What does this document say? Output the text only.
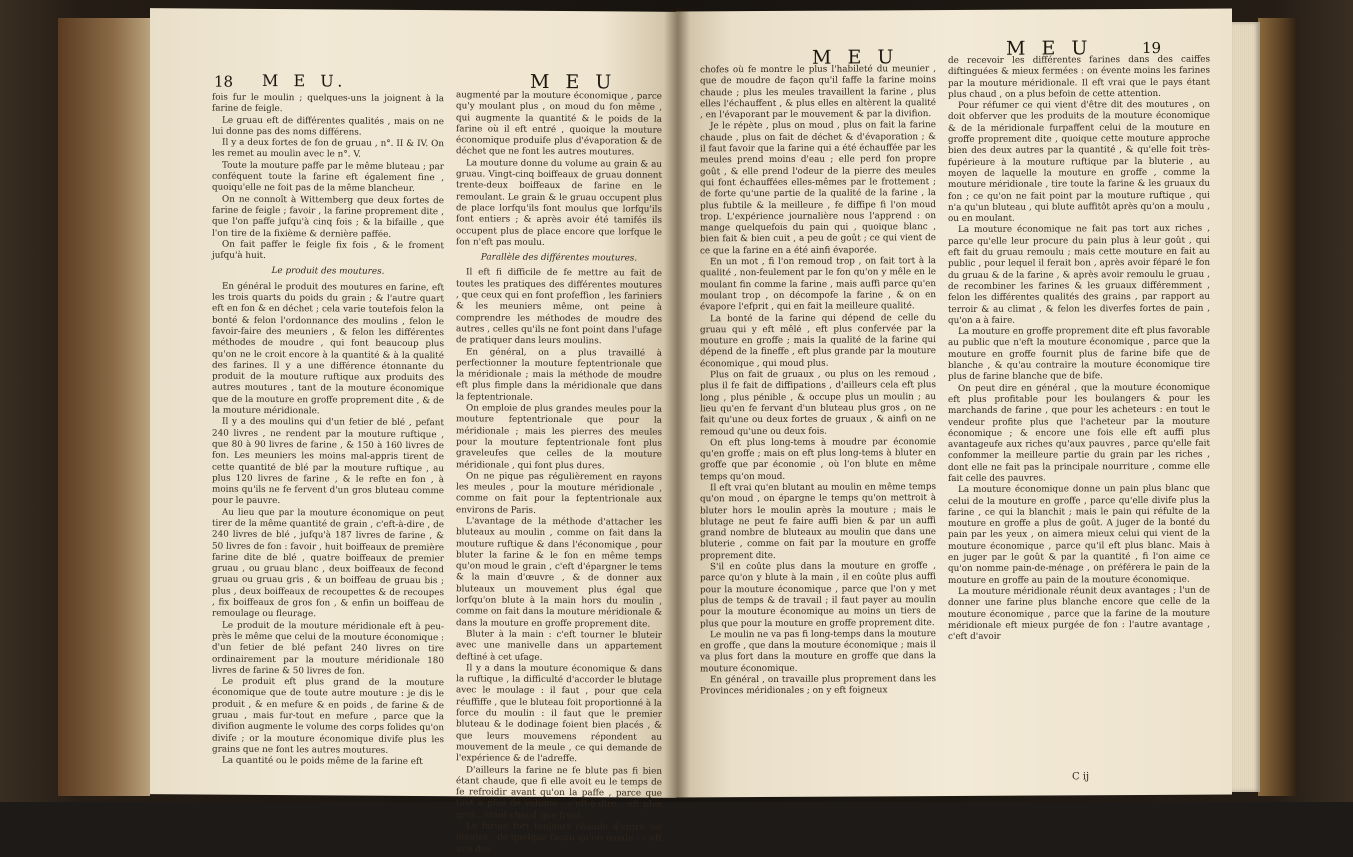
18 M E U.	M E U

fois fur le moulin ; quelques-uns la joignent à la farine de feigle.

Le gruau eft de différentes qualités , mais on ne lui donne pas des noms différens.

Il y a deux fortes de fon de gruau , n°. II & IV. On les remet au moulin avec le n°. V.

Toute la mouture paffe par le même bluteau ; par conféquent toute la farine eft également fine , quoiqu'elle ne foit pas de la même blancheur.

On ne connoît à Wittemberg que deux fortes de farine de feigle ; favoir , la farine proprement dite , que l'on paffe jufqu'à cinq fois ; & la bifaille , que l'on tire de la fixième & dernière paffée.

On fait paffer le feigle fix fois , & le froment jufqu'à huit.

Le produit des moutures.

En général le produit des moutures en farine, eft les trois quarts du poids du grain ; & l'autre quart eft en fon & en déchet ; cela varie toutefois felon la bonté & felon l'ordonnance des moulins , felon le favoir-faire des meuniers , & felon les différentes méthodes de moudre , qui font beaucoup plus qu'on ne le croit encore à la quantité & à la qualité des farines. Il y a une différence étonnante du produit de la mouture ruftique aux produits des autres moutures , tant de la mouture économique que de la mouture en groffe proprement dite , & de la mouture méridionale.

Il y a des moulins qui d'un fetier de blé , pefant 240 livres , ne rendent par la mouture ruftique , que 80 à 90 livres de farine , & 150 à 160 livres de fon. Les meuniers les moins mal-appris tirent de cette quantité de blé par la mouture ruftique , au plus 120 livres de farine , & le refte en fon , à moins qu'ils ne fe fervent d'un gros bluteau comme pour le pauvre.

Au lieu que par la mouture économique on peut tirer de la même quantité de grain , c'eft-à-dire , de 240 livres de blé , jufqu'à 187 livres de farine , & 50 livres de fon : favoir , huit boiffeaux de première farine dite de blé , quatre boiffeaux de premier gruau , ou gruau blanc , deux boiffeaux de fecond gruau ou gruau gris , & un boiffeau de gruau bis ; plus , deux boiffeaux de recoupettes & de recoupes , fix boiffeaux de gros fon , & enfin un boiffeau de remoulage ou fleurage.

Le produit de la mouture méridionale eft à peu-près le même que celui de la mouture économique : d'un fetier de blé pefant 240 livres on tire ordinairement par la mouture méridionale 180 livres de farine & 50 livres de fon.

Le produit eft plus grand de la mouture économique que de toute autre mouture : je dis le produit , & en mefure & en poids , de farine & de gruau , mais fur-tout en mefure , parce que la divifion augmente le volume des corps folides qu'on divife ; or la mouture économique divife plus les grains que ne font les autres moutures.

La quantité ou le poids même de la farine eft

augmenté par la mouture économique , parce qu'y moulant plus , on moud du fon même , qui augmente la quantité & le poids de la farine où il eft entré , quoique la mouture économique produife plus d'évaporation & de déchet que ne font les autres moutures.

La mouture donne du volume au grain & au gruau. Vingt-cinq boiffeaux de gruau donnent trente-deux boiffeaux de farine en le remoulant. Le grain & le gruau occupent plus de place lorfqu'ils font moulus que lorfqu'ils font entiers ; & après avoir été tamifés ils occupent plus de place encore que lorfque le fon n'eft pas moulu.

Parallèle des différentes moutures.

Il eft fi difficile de fe mettre au fait de toutes les pratiques des différentes moutures , que ceux qui en font profeffion , les fariniers & les meuniers même, ont peine à comprendre les méthodes de moudre des autres , celles qu'ils ne font point dans l'ufage de pratiquer dans leurs moulins.

En général, on a plus travaillé à perfectionner la mouture feptentrionale que la méridionale ; mais la méthode de moudre eft plus fimple dans la méridionale que dans la feptentrionale.

On emploie de plus grandes meules pour la mouture feptentrionale que pour la méridionale ; mais les pierres des meules pour la mouture feptentrionale font plus graveleufes que celles de la mouture méridionale , qui font plus dures.

On ne pique pas régulièrement en rayons les meules , pour la mouture méridionale , comme on fait pour la feptentrionale aux environs de Paris.

L'avantage de la méthode d'attacher les bluteaux au moulin , comme on fait dans la mouture ruftique & dans l'économique , pour bluter la farine & le fon en même temps qu'on moud le grain , c'eft d'épargner le tems & la main d'œuvre , & de donner aux bluteaux un mouvement plus égal que lorfqu'on blute à la main hors du moulin , comme on fait dans la mouture méridionale & dans la mouture en groffe proprement dite.

Bluter à la main : c'eft tourner le bluteir avec une manivelle dans un appartement deftiné à cet ufage.

Il y a dans la mouture économique & dans la ruftique , la difficulté d'accorder le blutage avec le moulage : il faut , pour que cela réuffiffe , que le bluteau foit proportionné à la force du moulin : il faut que le premier bluteau & le dodinage foient bien placés , & que leurs mouvemens répondent au mouvement de la meule , ce qui demande de l'expérience & de l'adreffe.

D'ailleurs la farine ne fe blute pas fi bien étant chaude, que fi elle avoit eu le temps de fe refroidir avant qu'on la paffe , parce que tout a plus de volume , c'eft-à-dire , eft plus gros , étant chaud que froid.

La farine fort toujours chaude d'entre les meules , de quelque façon qu'on moule ; c'eft une des

M E U	M E U	19

chofes où fe montre le plus l'habileté du meunier , que de moudre de façon qu'il faffe la farine moins chaude ; plus les meules travaillent la farine , plus elles l'échauffent , & plus elles en altèrent la qualité , en l'évaporant par le mouvement & par la divifion.

Je le répète , plus on moud , plus on fait la farine chaude , plus on fait de déchet & d'évaporation ; & il faut favoir que la farine qui a été échauffée par les meules prend moins d'eau ; elle perd fon propre goût , & elle prend l'odeur de la pierre des meules qui font échauffées elles-mêmes par le frottement ; de forte qu'une partie de la qualité de la farine , la plus fubtile & la meilleure , fe diffipe fi l'on moud trop. L'expérience journalière nous l'apprend : on mange quelquefois du pain qui , quoique blanc , bien fait & bien cuit , a peu de goût ; ce qui vient de ce que la farine en a été ainfi évaporée.

En un mot , fi l'on remoud trop , on fait tort à la qualité , non-feulement par le fon qu'on y mêle en le moulant fin comme la farine , mais auffi parce qu'en moulant trop , on décompofe la farine , & on en évapore l'efprit , qui en fait la meilleure qualité.

La bonté de la farine qui dépend de celle du gruau qui y eft mêlé , eft plus confervée par la mouture en groffe ; mais la qualité de la farine qui dépend de la fineffe , eft plus grande par la mouture économique , qui moud plus.

Plus on fait de gruaux , ou plus on les remoud , plus il fe fait de diffipations , d'ailleurs cela eft plus long , plus pénible , & occupe plus un moulin ; au lieu qu'en fe fervant d'un bluteau plus gros , on ne fait qu'une ou deux fortes de gruaux , & ainfi on ne remoud qu'une ou deux fois.

On eft plus long-tems à moudre par économie qu'en groffe ; mais on eft plus long-tems à bluter en groffe que par économie , où l'on blute en même temps qu'on moud.

Il eft vrai qu'en blutant au moulin en même temps qu'on moud , on épargne le temps qu'on mettroit à bluter hors le moulin après la mouture ; mais le blutage ne peut fe faire auffi bien & par un auffi grand nombre de bluteaux au moulin que dans une bluterie , comme on fait par la mouture en groffe proprement dite.

S'il en coûte plus dans la mouture en groffe , parce qu'on y blute à la main , il en coûte plus auffi pour la mouture économique , parce que l'on y met plus de temps & de travail ; il faut payer au moulin pour la mouture économique au moins un tiers de plus que pour la mouture en groffe proprement dite.

Le moulin ne va pas fi long-temps dans la mouture en groffe , que dans la mouture économique ; mais il va plus fort dans la mouture en groffe que dans la mouture économique.

En général , on travaille plus proprement dans les Provinces méridionales ; on y eft foigneux

de recevoir les différentes farines dans des caiffes diftinguées & mieux fermées : on évente moins les farines par la mouture méridionale. Il eft vrai que le pays étant plus chaud , on a plus befoin de cette attention.

Pour réfumer ce qui vient d'être dit des moutures , on doit obferver que les produits de la mouture économique & de la méridionale furpaffent celui de la mouture en groffe proprement dite , quoique cette mouture approche bien des deux autres par la quantité , & qu'elle foit très-fupérieure à la mouture ruftique par la bluterie , au moyen de laquelle la mouture en groffe , comme la mouture méridionale , tire toute la farine & les gruaux du fon ; ce qu'on ne fait point par la mouture ruftique , qui n'a qu'un bluteau , qui blute auffitôt après qu'on a moulu , ou en moulant.

La mouture économique ne fait pas tort aux riches , parce qu'elle leur procure du pain plus à leur goût , qui eft fait du gruau remoulu ; mais cette mouture en fait au public , pour lequel il ferait bon , après avoir féparé le fon du gruau & de la farine , & après avoir remoulu le gruau , de recombiner les farines & les gruaux différemment , felon les différentes qualités des grains , par rapport au terroir & au climat , & felon les diverfes fortes de pain , qu'on a à faire.

La mouture en groffe proprement dite eft plus favorable au public que n'eft la mouture économique , parce que la mouture en groffe fournit plus de farine bife que de blanche , & qu'au contraire la mouture économique tire plus de farine blanche que de bife.

On peut dire en général , que la mouture économique eft plus profitable pour les boulangers & pour les marchands de farine , que pour les acheteurs : en tout le vendeur profite plus que l'acheteur par la mouture économique ; & encore une fois elle eft auffi plus avantageufe aux riches qu'aux pauvres , parce qu'elle fait confommer la meilleure partie du grain par les riches , dont elle ne fait pas la principale nourriture , comme elle fait celle des pauvres.

La mouture économique donne un pain plus blanc que celui de la mouture en groffe , parce qu'elle divife plus la farine , ce qui la blanchit ; mais le pain qui réfulte de la mouture en groffe a plus de goût. A juger de la bonté du pain par les yeux , on aimera mieux celui qui vient de la mouture économique , parce qu'il eft plus blanc. Mais à en juger par le goût & par la quantité , fi l'on aime ce qu'on nomme pain-de-ménage , on préférera le pain de la mouture en groffe au pain de la mouture économique.

La mouture méridionale réunit deux avantages ; l'un de donner une farine plus blanche encore que celle de la mouture économique , parce que la farine de la mouture méridionale eft mieux purgée de fon : l'autre avantage , c'eft d'avoir

C ij
